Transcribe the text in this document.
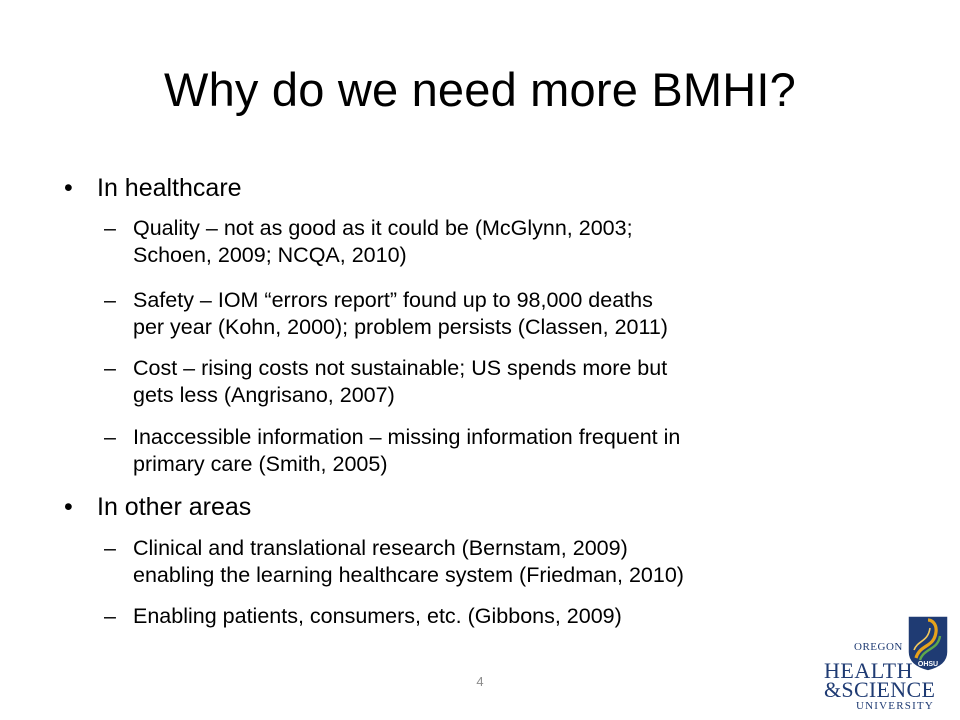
Why do we need more BMHI?
• In healthcare
– Quality – not as good as it could be (McGlynn, 2003;
Schoen, 2009; NCQA, 2010)
– Safety – IOM “errors report” found up to 98,000 deaths
per year (Kohn, 2000); problem persists (Classen, 2011)
– Cost – rising costs not sustainable; US spends more but
gets less (Angrisano, 2007)
– Inaccessible information – missing information frequent in
primary care (Smith, 2005)
• In other areas
– Clinical and translational research (Bernstam, 2009)
enabling the learning healthcare system (Friedman, 2010)
– Enabling patients, consumers, etc. (Gibbons, 2009)
4
OHSU
OREGON
HEALTH
&SCIENCE
UNIVERSITY
